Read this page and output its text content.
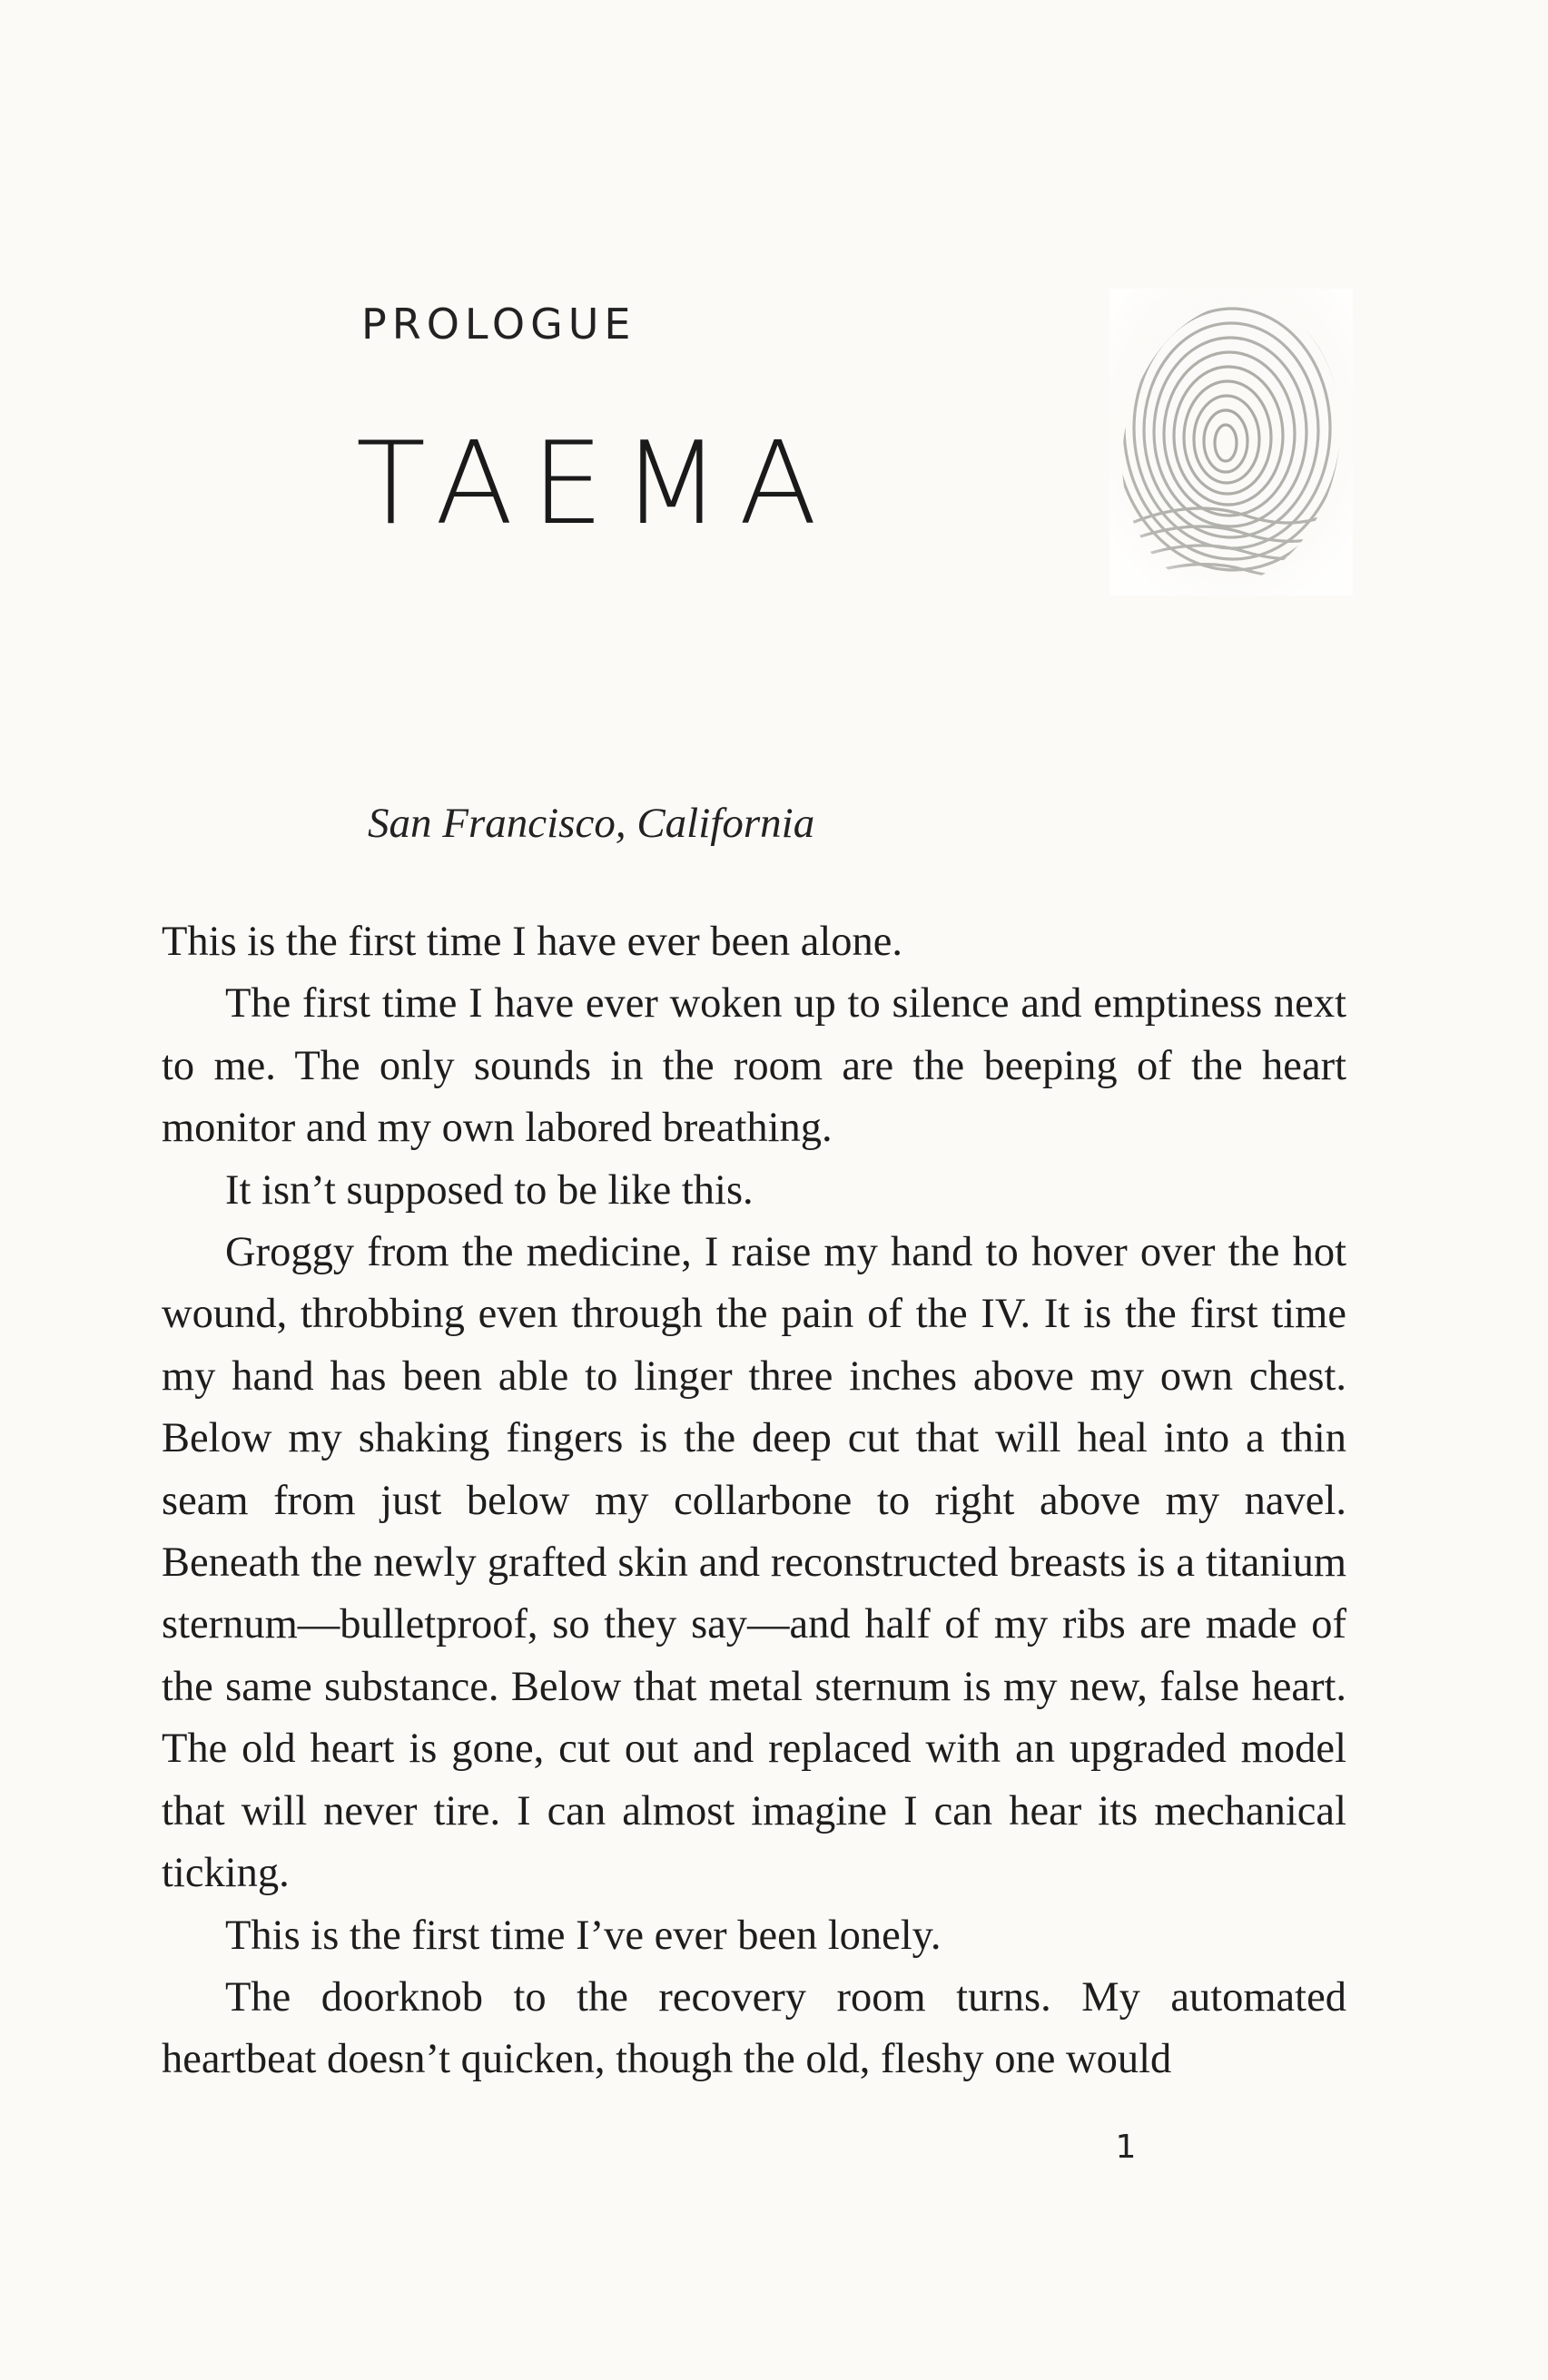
PROLOGUE
TAEMA

San Francisco, California

This is the first time I have ever been alone.

The first time I have ever woken up to silence and emptiness next to me. The only sounds in the room are the beeping of the heart monitor and my own labored breathing.

It isn’t supposed to be like this.

Groggy from the medicine, I raise my hand to hover over the hot wound, throbbing even through the pain of the IV. It is the first time my hand has been able to linger three inches above my own chest. Below my shaking fingers is the deep cut that will heal into a thin seam from just below my collarbone to right above my navel. Beneath the newly grafted skin and reconstructed breasts is a titanium sternum—bulletproof, so they say—and half of my ribs are made of the same substance. Below that metal sternum is my new, false heart. The old heart is gone, cut out and replaced with an upgraded model that will never tire. I can almost imagine I can hear its mechanical ticking.

This is the first time I’ve ever been lonely.

The doorknob to the recovery room turns. My automated heartbeat doesn’t quicken, though the old, fleshy one would

1
